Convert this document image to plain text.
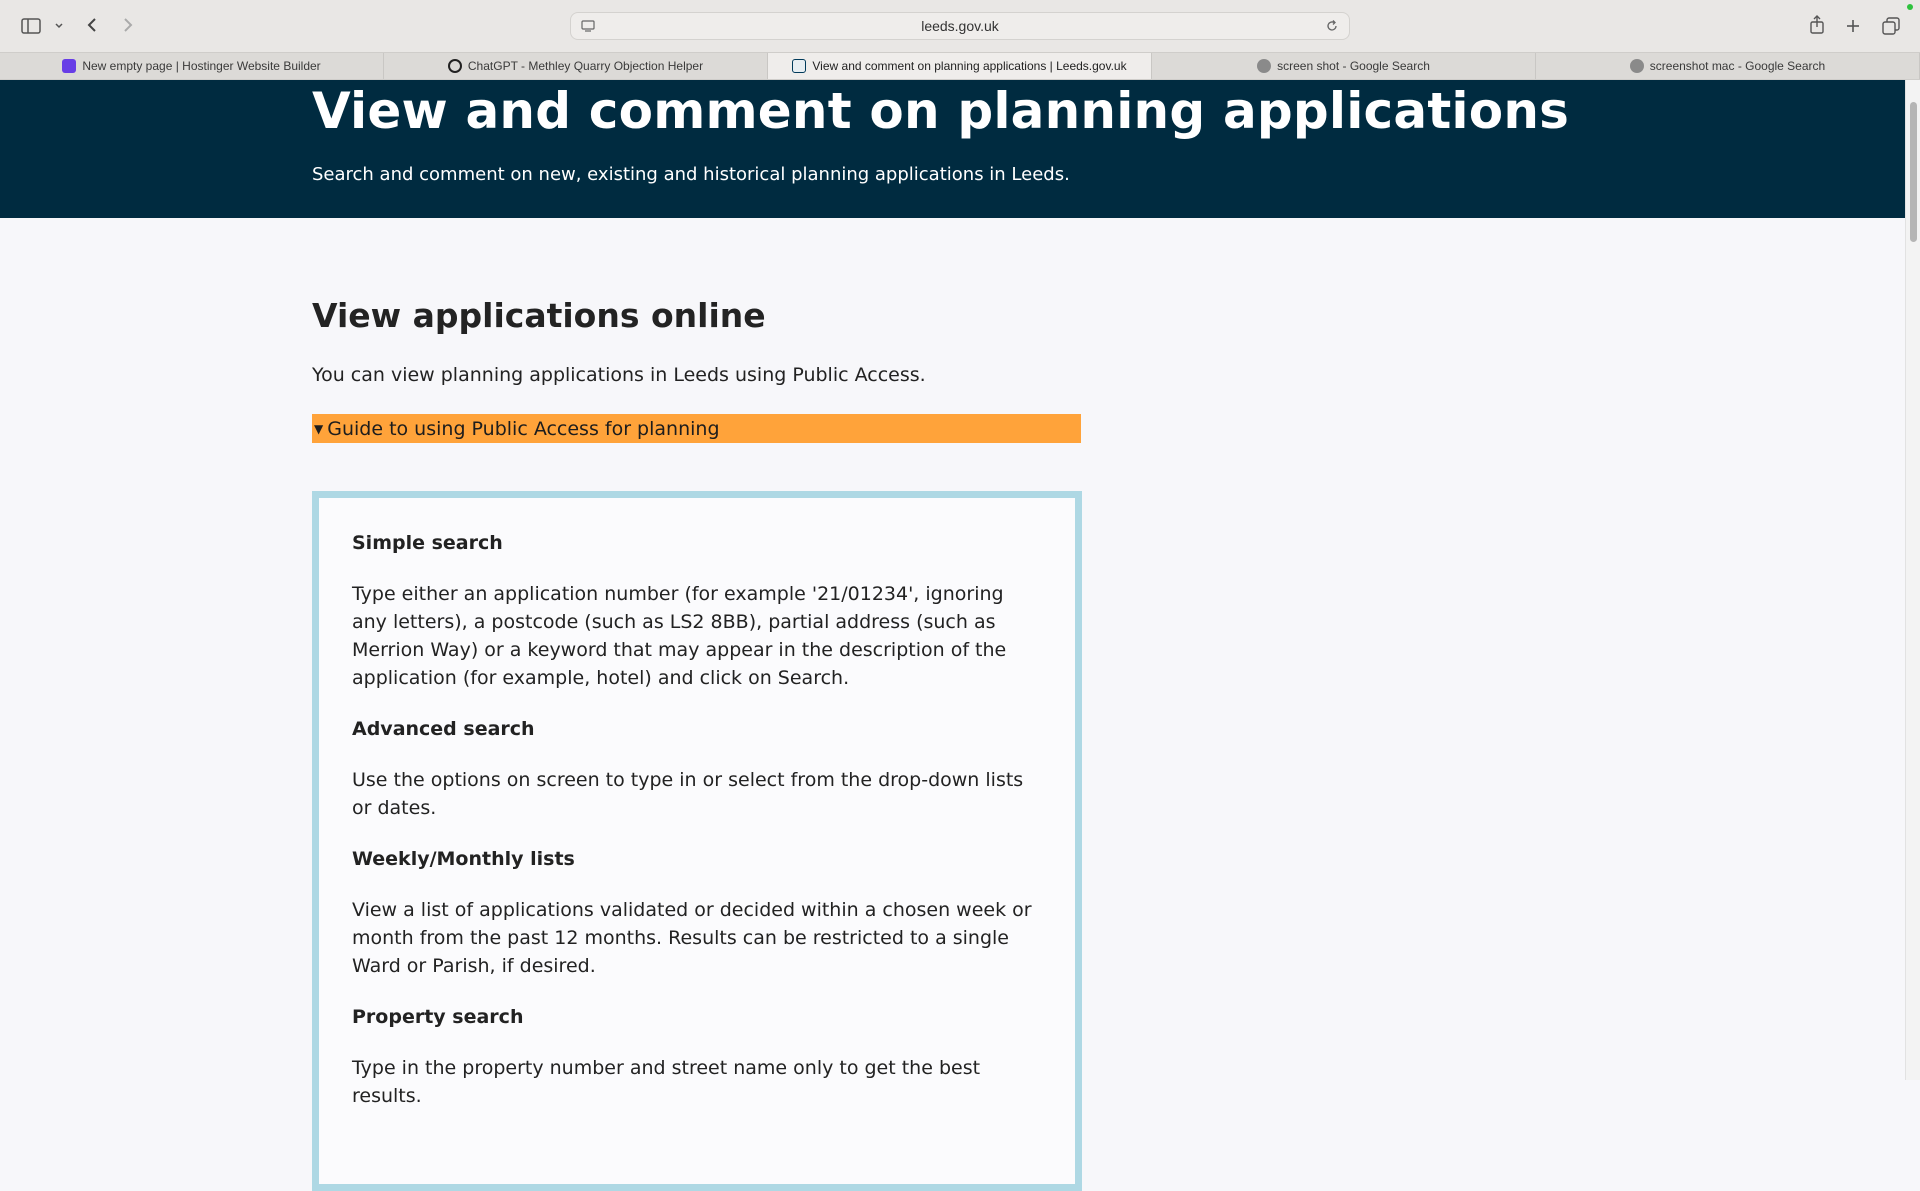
leeds.gov.uk
New empty page | Hostinger Website Builder	ChatGPT - Methley Quarry Objection Helper	View and comment on planning applications | Leeds.gov.uk	screen shot - Google Search	screenshot mac - Google Search
View and comment on planning applications

Search and comment on new, existing and historical planning applications in Leeds.

View applications online

You can view planning applications in Leeds using Public Access.

▼ Guide to using Public Access for planning
Simple search

Type either an application number (for example '21/01234', ignoring any letters), a postcode (such as LS2 8BB), partial address (such as Merrion Way) or a keyword that may appear in the description of the application (for example, hotel) and click on Search.

Advanced search

Use the options on screen to type in or select from the drop-down lists or dates.

Weekly/Monthly lists

View a list of applications validated or decided within a chosen week or month from the past 12 months. Results can be restricted to a single Ward or Parish, if desired.

Property search

Type in the property number and street name only to get the best results.
